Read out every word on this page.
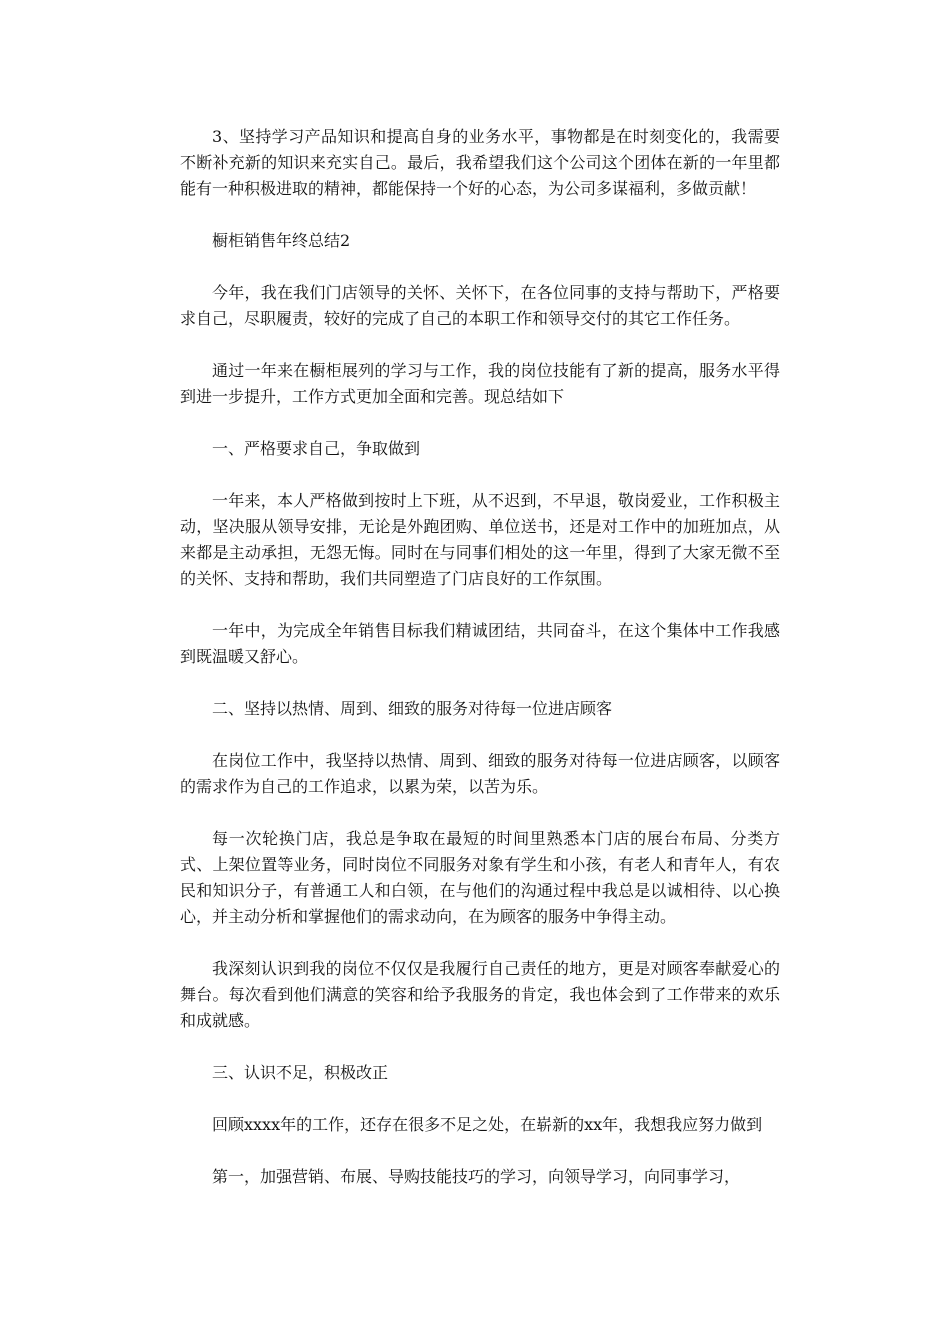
3、坚持学习产品知识和提高自身的业务水平，事物都是在时刻变化的，我需要不断补充新的知识来充实自己。最后，我希望我们这个公司这个团体在新的一年里都能有一种积极进取的精神，都能保持一个好的心态，为公司多谋福利，多做贡献！

橱柜销售年终总结2

今年，我在我们门店领导的关怀、关怀下，在各位同事的支持与帮助下，严格要求自己，尽职履责，较好的完成了自己的本职工作和领导交付的其它工作任务。

通过一年来在橱柜展列的学习与工作，我的岗位技能有了新的提高，服务水平得到进一步提升，工作方式更加全面和完善。现总结如下

一、严格要求自己，争取做到

一年来，本人严格做到按时上下班，从不迟到，不早退，敬岗爱业，工作积极主动，坚决服从领导安排，无论是外跑团购、单位送书，还是对工作中的加班加点，从来都是主动承担，无怨无悔。同时在与同事们相处的这一年里，得到了大家无微不至的关怀、支持和帮助，我们共同塑造了门店良好的工作氛围。

一年中，为完成全年销售目标我们精诚团结，共同奋斗，在这个集体中工作我感到既温暖又舒心。

二、坚持以热情、周到、细致的服务对待每一位进店顾客

在岗位工作中，我坚持以热情、周到、细致的服务对待每一位进店顾客，以顾客的需求作为自己的工作追求，以累为荣，以苦为乐。

每一次轮换门店，我总是争取在最短的时间里熟悉本门店的展台布局、分类方式、上架位置等业务，同时岗位不同服务对象有学生和小孩，有老人和青年人，有农民和知识分子，有普通工人和白领，在与他们的沟通过程中我总是以诚相待、以心换心，并主动分析和掌握他们的需求动向，在为顾客的服务中争得主动。

我深刻认识到我的岗位不仅仅是我履行自己责任的地方，更是对顾客奉献爱心的舞台。每次看到他们满意的笑容和给予我服务的肯定，我也体会到了工作带来的欢乐和成就感。

三、认识不足，积极改正

回顾xxxx年的工作，还存在很多不足之处，在崭新的xx年，我想我应努力做到

第一，加强营销、布展、导购技能技巧的学习，向领导学习，向同事学习，
